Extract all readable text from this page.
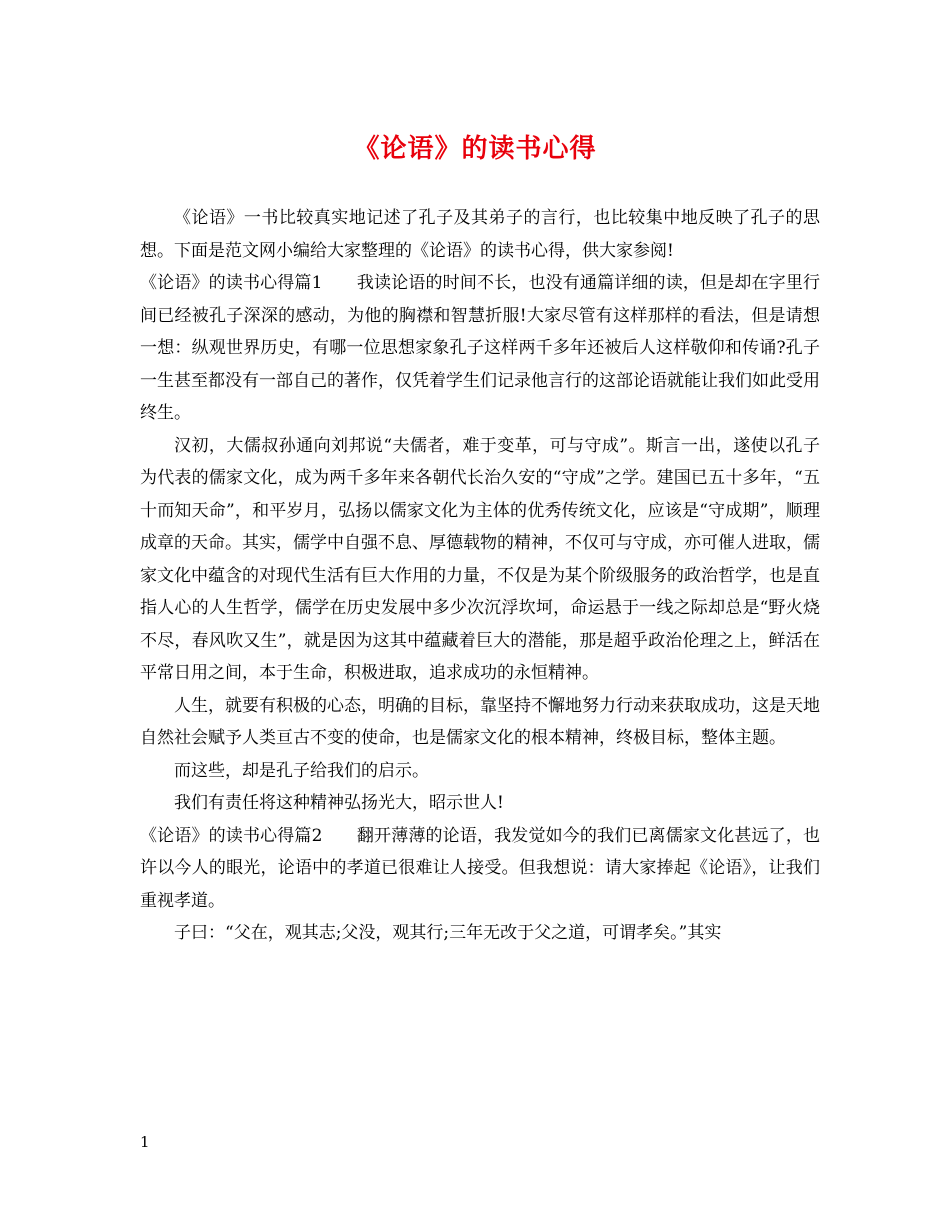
《论语》的读书心得

《论语》一书比较真实地记述了孔子及其弟子的言行，也比较集中地反映了孔子的思想。下面是范文网小编给大家整理的《论语》的读书心得，供大家参阅!

《论语》的读书心得篇1　　我读论语的时间不长，也没有通篇详细的读，但是却在字里行间已经被孔子深深的感动，为他的胸襟和智慧折服!大家尽管有这样那样的看法，但是请想一想：纵观世界历史，有哪一位思想家象孔子这样两千多年还被后人这样敬仰和传诵?孔子一生甚至都没有一部自己的著作，仅凭着学生们记录他言行的这部论语就能让我们如此受用终生。

汉初，大儒叔孙通向刘邦说“夫儒者，难于变革，可与守成”。斯言一出，遂使以孔子为代表的儒家文化，成为两千多年来各朝代长治久安的“守成”之学。建国已五十多年，“五十而知天命”，和平岁月，弘扬以儒家文化为主体的优秀传统文化，应该是“守成期”，顺理成章的天命。其实，儒学中自强不息、厚德载物的精神，不仅可与守成，亦可催人进取，儒家文化中蕴含的对现代生活有巨大作用的力量，不仅是为某个阶级服务的政治哲学，也是直指人心的人生哲学，儒学在历史发展中多少次沉浮坎坷，命运悬于一线之际却总是“野火烧不尽，春风吹又生”，就是因为这其中蕴藏着巨大的潜能，那是超乎政治伦理之上，鲜活在平常日用之间，本于生命，积极进取，追求成功的永恒精神。

人生，就要有积极的心态，明确的目标，靠坚持不懈地努力行动来获取成功，这是天地自然社会赋予人类亘古不变的使命，也是儒家文化的根本精神，终极目标，整体主题。

而这些，却是孔子给我们的启示。

我们有责任将这种精神弘扬光大，昭示世人!

《论语》的读书心得篇2　　翻开薄薄的论语，我发觉如今的我们已离儒家文化甚远了，也许以今人的眼光，论语中的孝道已很难让人接受。但我想说：请大家捧起《论语》，让我们重视孝道。

子曰：“父在，观其志;父没，观其行;三年无改于父之道，可谓孝矣。”其实

1
